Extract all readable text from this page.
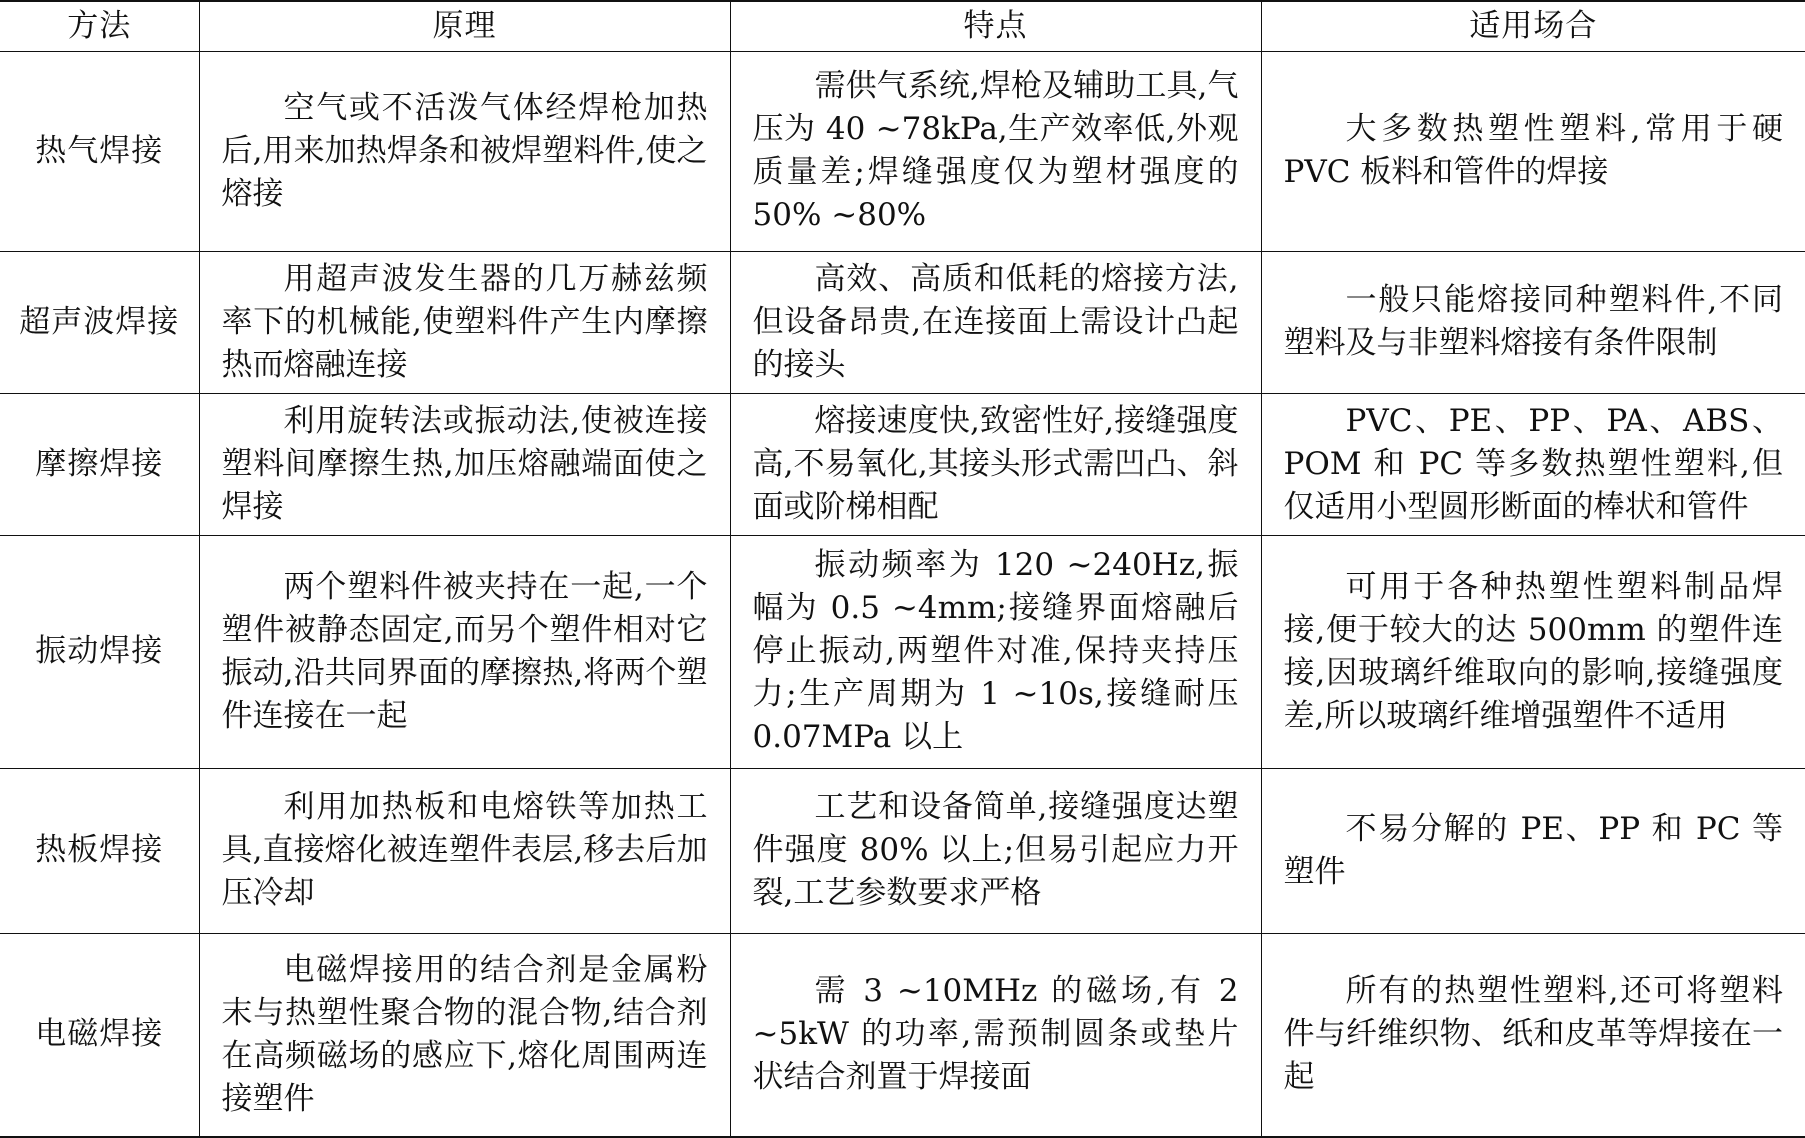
方法	原理	特点	适用场合
热气焊接	空气或不活泼气体经焊枪加热后,用来加热焊条和被焊塑料件,使之熔接	需供气系统,焊枪及辅助工具,气压为 40 ~78kPa,生产效率低,外观质量差;焊缝强度仅为塑材强度的 50% ~80%	大多数热塑性塑料,常用于硬 PVC 板料和管件的焊接

超声波焊接	用超声波发生器的几万赫兹频率下的机械能,使塑料件产生内摩擦热而熔融连接	高效、高质和低耗的熔接方法,但设备昂贵,在连接面上需设计凸起的接头	一般只能熔接同种塑料件,不同塑料及与非塑料熔接有条件限制

摩擦焊接	利用旋转法或振动法,使被连接塑料间摩擦生热,加压熔融端面使之焊接	熔接速度快,致密性好,接缝强度高,不易氧化,其接头形式需凹凸、斜面或阶梯相配	PVC、PE、PP、PA、ABS、POM 和 PC 等多数热塑性塑料,但仅适用小型圆形断面的棒状和管件

振动焊接	两个塑料件被夹持在一起,一个塑件被静态固定,而另个塑件相对它振动,沿共同界面的摩擦热,将两个塑件连接在一起	振动频率为 120 ~240Hz,振幅为 0.5 ~4mm;接缝界面熔融后停止振动,两塑件对准,保持夹持压力;生产周期为 1 ~10s,接缝耐压 0.07MPa 以上	可用于各种热塑性塑料制品焊接,便于较大的达 500mm 的塑件连接,因玻璃纤维取向的影响,接缝强度差,所以玻璃纤维增强塑件不适用

热板焊接	利用加热板和电熔铁等加热工具,直接熔化被连塑件表层,移去后加压冷却	工艺和设备简单,接缝强度达塑件强度 80% 以上;但易引起应力开裂,工艺参数要求严格	不易分解的 PE、PP 和 PC 等塑件

电磁焊接	电磁焊接用的结合剂是金属粉末与热塑性聚合物的混合物,结合剂在高频磁场的感应下,熔化周围两连接塑件	需 3 ~10MHz 的磁场,有 2 ~5kW 的功率,需预制圆条或垫片状结合剂置于焊接面	所有的热塑性塑料,还可将塑料件与纤维织物、纸和皮革等焊接在一起
